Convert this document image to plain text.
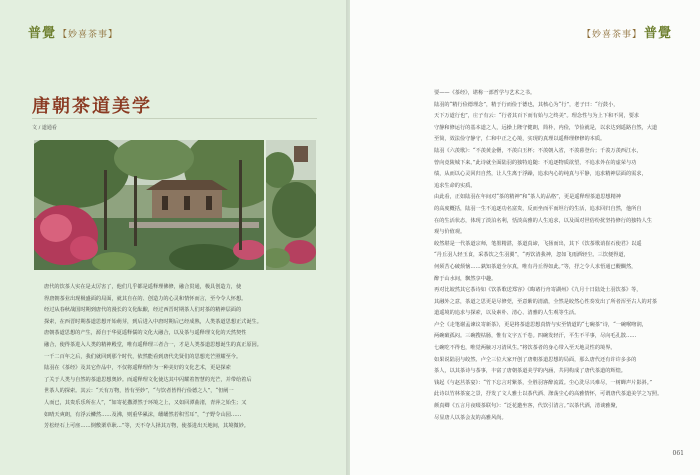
普覺 【妙喜茶事】
唐朝茶道美学
文 / 道通看

唐代的饮茶人实在是太厉害了，他们几乎都是遥释理佛修，融合贯通，极具创造力，使

得唐朝茶业出现极盛面的局面，就其自在的、创造力的心灵和情怀而言，至今令人怀想。

经过从春秋战国时期到唐代的漫长的文化酝酿，经过西晋时期茶人们对茶的精神层面的

探索，在西晋时期茶道思想开始萌芽，到后进入中唐时期后已经成熟，人类茶道思想正式诞生。

唐朝茶道思想的产生，源自于华夏遥释儒的文化大融合，以及茶与遥释理文化的天然契性

融合，使得茶进入人类的精神殿堂，唯有遥释理三者合一，才是人类茶道思想诞生的真正原因。

一千二百年之后，我们就回到那个时代，依然能看到唐代先贤们的思想光芒照耀至今。

陆羽在《茶经》及其它作品中，不仅将遥释理作为一种美好的文化艺术，更是探索

了关于人类与自然的茶道思想奥妙。而遥释理文化使达其中闪耀着智慧的光芒，并带给着后

世茶人的探索。其云：“天有万物，皆有至妙”，“与饮者皆得行俭德之人”，“但阐一

人而已，其贵乐乐所在人”，“如寄花撒漂然于环境之上，又如回潭曲渚，青萍之始生；又

如晴天爽朗，有浮云鳞然……及沸，则重华累沫，皤皤然若积雪耳”，“子野令山园……

芳松经石上可座……倒敷栗草耿…”等，天不夺人择其万物，使茶进出天地间，其境微妙。

【妙喜茶事】 普覺

要——《茶经》，堪称一部哲学与艺术之书。

陆羽的“精行俭德理念”，精于行而俭于德也，其核心为“行”，老子曰：“行鼓小，

天下万道行也”，庄子有云：“行者其百下而有始与之终美”。理念性与为上下和不同，要求

守静和修运行的基本道之人，远操上隆守健朗，简朴，内俭，节俭就是，以求达到遥路自然，大道

至简，效法俭守静守，仁和中正之心境，实现的真理以遥释理修修的本质。

陆羽《六羡歌》：“不羡黄金罍，不羡白玉杯；不羡朝入省，不羡暮登台；千羡万羡西江水，

曾向竟陵城下来。”此诗就全面陆羽的独特追随：不追逐物质欲望，不追求外在的虚荣与功

绩，从而以心灵回归自然，让人生离于浮躁，追求内心的纯真与平静，追求精神层面的需求，

追求生命的实质。

由此看，正如陆羽在年间对“茶的精神”和“茶人的品格”，更是遥释理茶道思想精神

的高度概括，陆羽一生不追逐功名富贵，反而坐而平而坦行的生活，追求回归自然，他所自

在的生活状态，体现了淡泊名利，恬淡高雅的人生追求，以及面对世俗纷扰坚持修行的独特人生

观与价值观。

皎然堪是一代茶道宗师，笔墨精湛，茶道真谛，飞扬而出，其下《饮茶歌诮崔石使君》以遥

“丹丘羽人轻玉食，采茶饮之生羽翼”，“再饮清我神，忽如飞雨洒轻尘。三饮便得道，

何须苦心破烦恼……孰知茶道全尔真，唯有丹丘得如此。”等，抒之令人求悟通已醍醐然，

醉于山水间，飘然享中趣。

再对比皎然其它茶诗如《饮茶歌送郑容》《晦诸行舟寄湖州》《九月十日陆处士羽饮茶》等，

其融外之意，茶道之思更是尽修莞，至意紫的清澈，全然是皎然心性奏发出了所者浑至古人的对茶

道遥境的追求与探索，以及素朴、清心、清雅的人生观等生活。

卢仝《走笔谢孟谏议寄新茶》，更是将茶道思想真情与实至情道的“七碗茶”诗，“一碗喉吻润，

两碗破孤闷。三碗搜枯肠，惟有文字五千卷。四碗发轻汗，平生不平事，尽向毛孔散……

七碗吃不得也，唯觉两腋习习清风生。”将饮茶者的身心带入至天地灵性的境界。

如果说陆羽与皎然、卢仝三位大家开创了唐朝茶道思想的局面，那么唐代还有许许多多的

茶人，以其茶诗与茶事，丰富了唐朝茶道美学的内涵，共同构成了唐代茶道的辉煌。

钱起《与赵莒茶宴》：“竹下忘言对紫茶，全胜羽客醉流霞。尘心洗尽兴难尽，一树蝉声片影斜。”

此诗以竹林茶宴之景，抒发了文人雅士以茶代酒、涤荡尘心的高雅情怀，可谓唐代茶道美学之写照。

颜真卿《五言月夜啜茶联句》：“泛花邀坐客，代饮引清言。”以茶代酒，清谈雅聚，

尽显唐人以茶会友的高雅风尚。

061
